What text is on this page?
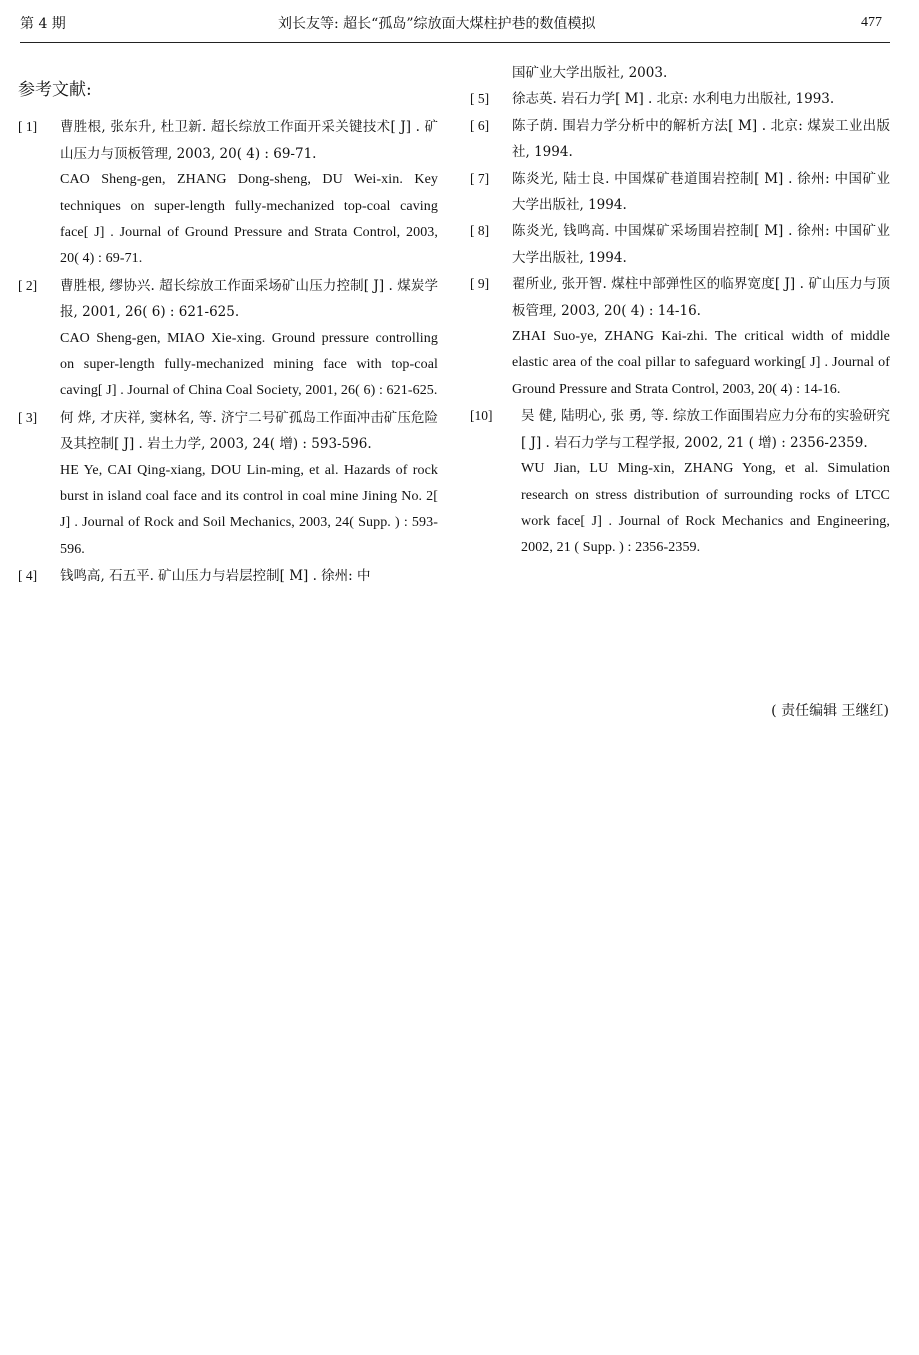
第 4 期	刘长友等: 超长“孤岛”综放面大煤柱护巷的数值模拟	477
参考文献:
[ 1] 曹胜根, 张东升, 杜卫新. 超长综放工作面开采关键技术[ J] . 矿山压力与顶板管理, 2003, 20( 4) : 69-71.
CAO Sheng-gen, ZHANG Dong-sheng, DU Wei-xin. Key techniques on super-length fully-mechanized top-coal caving face[ J] . Journal of Ground Pressure and Strata Control, 2003, 20( 4) : 69-71.
[ 2] 曹胜根, 缪协兴. 超长综放工作面采场矿山压力控制[ J] . 煤炭学报, 2001, 26( 6) : 621-625.
CAO Sheng-gen, MIAO Xie-xing. Ground pressure controlling on super-length fully-mechanized mining face with top-coal caving[ J] . Journal of China Coal Society, 2001, 26( 6) : 621-625.
[ 3] 何 烨, 才庆祥, 窦林名, 等. 济宁二号矿孤岛工作面冲击矿压危险及其控制[ J] . 岩土力学, 2003, 24( 增) : 593-596.
HE Ye, CAI Qing-xiang, DOU Lin-ming, et al. Hazards of rock burst in island coal face and its control in coal mine Jining No. 2[ J] . Journal of Rock and Soil Mechanics, 2003, 24( Supp. ) : 593-596.
[ 4] 钱鸣高, 石五平. 矿山压力与岩层控制[ M] . 徐州: 中
国矿业大学出版社, 2003.
[ 5] 徐志英. 岩石力学[ M] . 北京: 水利电力出版社, 1993.
[ 6] 陈子荫. 围岩力学分析中的解析方法[ M] . 北京: 煤炭工业出版社, 1994.
[ 7] 陈炎光, 陆士良. 中国煤矿巷道围岩控制[ M] . 徐州: 中国矿业大学出版社, 1994.
[ 8] 陈炎光, 钱鸣高. 中国煤矿采场围岩控制[ M] . 徐州: 中国矿业大学出版社, 1994.
[ 9] 翟所业, 张开智. 煤柱中部弹性区的临界宽度[ J] . 矿山压力与顶板管理, 2003, 20( 4) : 14-16.
ZHAI Suo-ye, ZHANG Kai-zhi. The critical width of middle elastic area of the coal pillar to safeguard working[ J] . Journal of Ground Pressure and Strata Control, 2003, 20( 4) : 14-16.
[10] 吴 健, 陆明心, 张 勇, 等. 综放工作面围岩应力分布的实验研究[ J] . 岩石力学与工程学报, 2002, 21 ( 增) : 2356-2359.
WU Jian, LU Ming-xin, ZHANG Yong, et al. Simulation research on stress distribution of surrounding rocks of LTCC work face[ J] . Journal of Rock Mechanics and Engineering, 2002, 21 ( Supp. ) : 2356-2359.
( 责任编辑 王继红)
